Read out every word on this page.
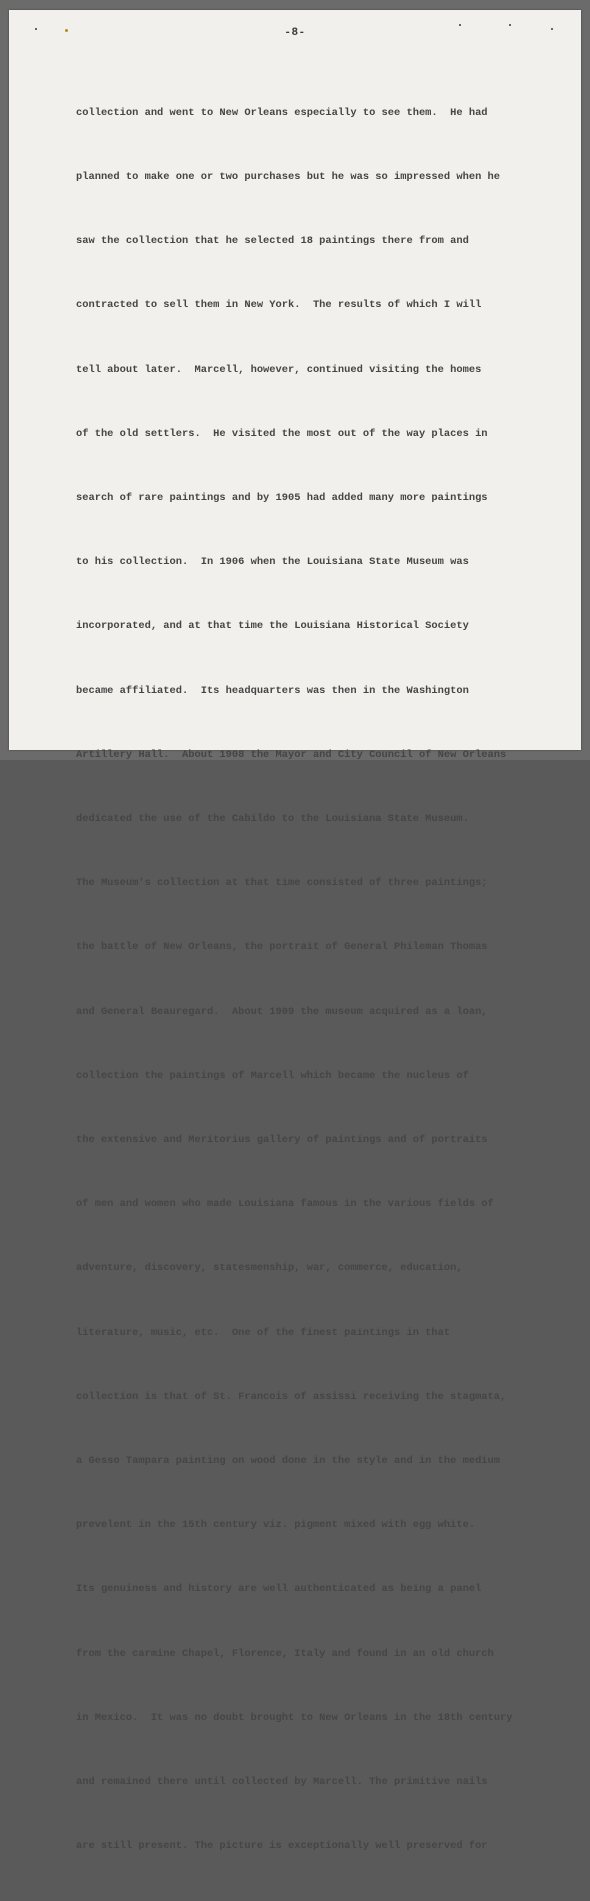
-8-

collection and went to New Orleans especially to see them.  He had

planned to make one or two purchases but he was so impressed when he

saw the collection that he selected 18 paintings there from and

contracted to sell them in New York.  The results of which I will

tell about later.  Marcell, however, continued visiting the homes

of the old settlers.  He visited the most out of the way places in

search of rare paintings and by 1905 had added many more paintings

to his collection.  In 1906 when the Louisiana State Museum was

incorporated, and at that time the Louisiana Historical Society

became affiliated.  Its headquarters was then in the Washington

Artillery Hall.  About 1908 the Mayor and City Council of New Orleans

dedicated the use of the Cabildo to the Louisiana State Museum.

The Museum's collection at that time consisted of three paintings;

the battle of New Orleans, the portrait of General Phileman Thomas

and General Beauregard.  About 1909 the museum acquired as a loan,

collection the paintings of Marcell which became the nucleus of

the extensive and Meritorius gallery of paintings and of portraits

of men and women who made Louisiana famous in the various fields of

adventure, discovery, statesmenship, war, commerce, education,

literature, music, etc.  One of the finest paintings in that

collection is that of St. Francois of assissi receiving the stagmata,

a Gesso Tampara painting on wood done in the style and in the medium

prevelent in the 15th century viz. pigment mixed with egg white.

Its genuiness and history are well authenticated as being a panel

from the carmine Chapel, Florence, Italy and found in an old church

in Mexico.  It was no doubt brought to New Orleans in the 18th century

and remained there until collected by Marcell. The primitive nails

are still present. The picture is exceptionally well preserved for
